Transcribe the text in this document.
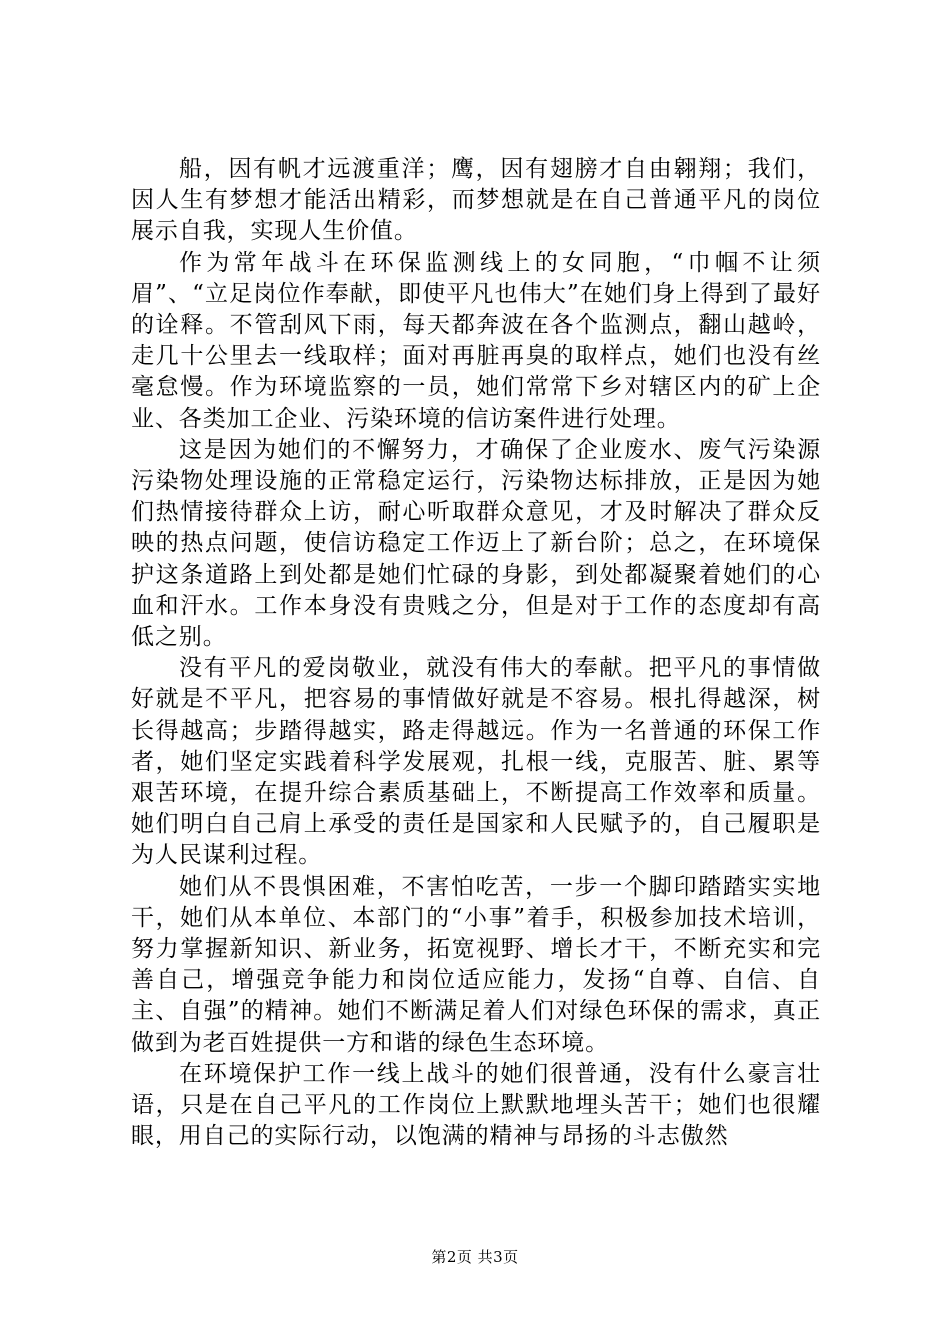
船，因有帆才远渡重洋；鹰，因有翅膀才自由翱翔；我们，因人生有梦想才能活出精彩，而梦想就是在自己普通平凡的岗位展示自我，实现人生价值。

作为常年战斗在环保监测线上的女同胞，“巾帼不让须眉”、“立足岗位作奉献，即使平凡也伟大”在她们身上得到了最好的诠释。不管刮风下雨，每天都奔波在各个监测点，翻山越岭，走几十公里去一线取样；面对再脏再臭的取样点，她们也没有丝毫怠慢。作为环境监察的一员，她们常常下乡对辖区内的矿上企业、各类加工企业、污染环境的信访案件进行处理。

这是因为她们的不懈努力，才确保了企业废水、废气污染源污染物处理设施的正常稳定运行，污染物达标排放，正是因为她们热情接待群众上访，耐心听取群众意见，才及时解决了群众反映的热点问题，使信访稳定工作迈上了新台阶；总之，在环境保护这条道路上到处都是她们忙碌的身影，到处都凝聚着她们的心血和汗水。工作本身没有贵贱之分，但是对于工作的态度却有高低之别。

没有平凡的爱岗敬业，就没有伟大的奉献。把平凡的事情做好就是不平凡，把容易的事情做好就是不容易。根扎得越深，树长得越高；步踏得越实，路走得越远。作为一名普通的环保工作者，她们坚定实践着科学发展观，扎根一线，克服苦、脏、累等艰苦环境，在提升综合素质基础上，不断提高工作效率和质量。她们明白自己肩上承受的责任是国家和人民赋予的，自己履职是为人民谋利过程。

她们从不畏惧困难，不害怕吃苦，一步一个脚印踏踏实实地干，她们从本单位、本部门的“小事”着手，积极参加技术培训，努力掌握新知识、新业务，拓宽视野、增长才干，不断充实和完善自己，增强竞争能力和岗位适应能力，发扬“自尊、自信、自主、自强”的精神。她们不断满足着人们对绿色环保的需求，真正做到为老百姓提供一方和谐的绿色生态环境。

在环境保护工作一线上战斗的她们很普通，没有什么豪言壮语，只是在自己平凡的工作岗位上默默地埋头苦干；她们也很耀眼，用自己的实际行动，以饱满的精神与昂扬的斗志傲然

第2页 共3页
